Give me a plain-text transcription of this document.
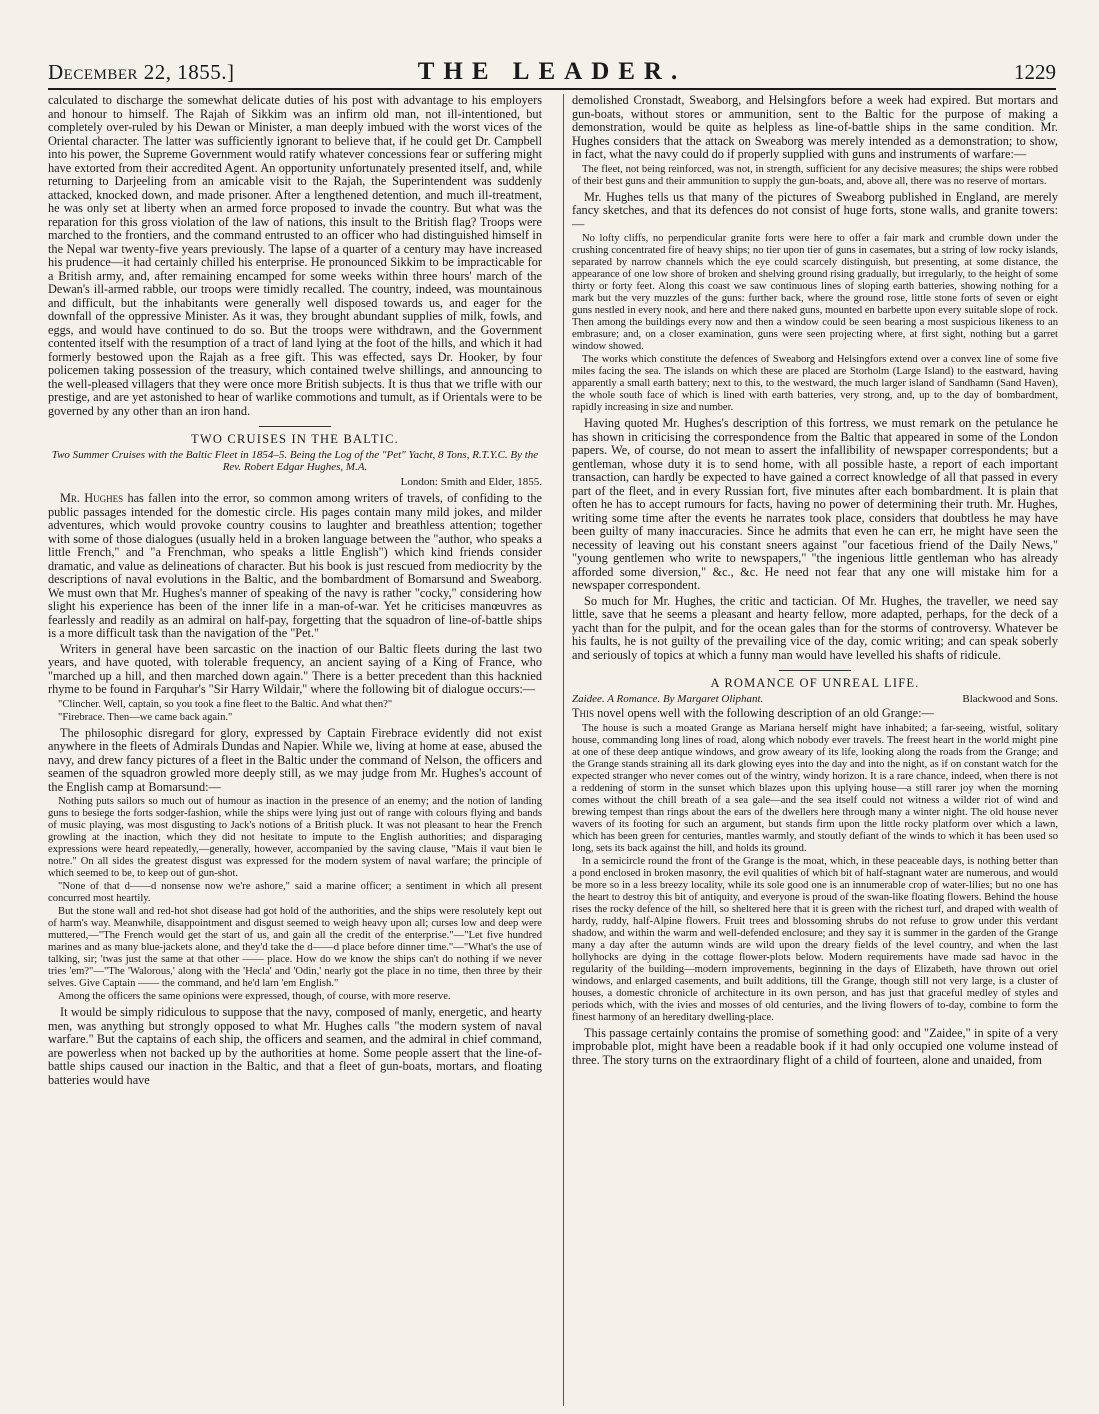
December 22, 1855.]	THE LEADER.	1229

calculated to discharge the somewhat delicate duties of his post with advantage to his employers and honour to himself. The Rajah of Sikkim was an infirm old man, not ill-intentioned, but completely over-ruled by his Dewan or Minister, a man deeply imbued with the worst vices of the Oriental character. The latter was sufficiently ignorant to believe that, if he could get Dr. Campbell into his power, the Supreme Government would ratify whatever concessions fear or suffering might have extorted from their accredited Agent. An opportunity unfortunately presented itself, and, while returning to Darjeeling from an amicable visit to the Rajah, the Superintendent was suddenly attacked, knocked down, and made prisoner. After a lengthened detention, and much ill-treatment, he was only set at liberty when an armed force proposed to invade the country. But what was the reparation for this gross violation of the law of nations, this insult to the British flag? Troops were marched to the frontiers, and the command entrusted to an officer who had distinguished himself in the Nepal war twenty-five years previously. The lapse of a quarter of a century may have increased his prudence—it had certainly chilled his enterprise. He pronounced Sikkim to be impracticable for a British army, and, after remaining encamped for some weeks within three hours' march of the Dewan's ill-armed rabble, our troops were timidly recalled. The country, indeed, was mountainous and difficult, but the inhabitants were generally well disposed towards us, and eager for the downfall of the oppressive Minister. As it was, they brought abundant supplies of milk, fowls, and eggs, and would have continued to do so. But the troops were withdrawn, and the Government contented itself with the resumption of a tract of land lying at the foot of the hills, and which it had formerly bestowed upon the Rajah as a free gift. This was effected, says Dr. Hooker, by four policemen taking possession of the treasury, which contained twelve shillings, and announcing to the well-pleased villagers that they were once more British subjects. It is thus that we trifle with our prestige, and are yet astonished to hear of warlike commotions and tumult, as if Orientals were to be governed by any other than an iron hand.

TWO CRUISES IN THE BALTIC.
Two Summer Cruises with the Baltic Fleet in 1854–5. Being the Log of the "Pet" Yacht, 8 Tons, R.T.Y.C. By the Rev. Robert Edgar Hughes, M.A.
London: Smith and Elder, 1855.

Mr. Hughes has fallen into the error, so common among writers of travels, of confiding to the public passages intended for the domestic circle. His pages contain many mild jokes, and milder adventures, which would provoke country cousins to laughter and breathless attention; together with some of those dialogues (usually held in a broken language between the "author, who speaks a little French," and "a Frenchman, who speaks a little English") which kind friends consider dramatic, and value as delineations of character. But his book is just rescued from mediocrity by the descriptions of naval evolutions in the Baltic, and the bombardment of Bomarsund and Sweaborg. We must own that Mr. Hughes's manner of speaking of the navy is rather "cocky," considering how slight his experience has been of the inner life in a man-of-war. Yet he criticises manœuvres as fearlessly and readily as an admiral on half-pay, forgetting that the squadron of line-of-battle ships is a more difficult task than the navigation of the "Pet."

Writers in general have been sarcastic on the inaction of our Baltic fleets during the last two years, and have quoted, with tolerable frequency, an ancient saying of a King of France, who "marched up a hill, and then marched down again." There is a better precedent than this hacknied rhyme to be found in Farquhar's "Sir Harry Wildair," where the following bit of dialogue occurs:—

"Clincher. Well, captain, so you took a fine fleet to the Baltic. And what then?"

"Firebrace. Then—we came back again."

The philosophic disregard for glory, expressed by Captain Firebrace evidently did not exist anywhere in the fleets of Admirals Dundas and Napier. While we, living at home at ease, abused the navy, and drew fancy pictures of a fleet in the Baltic under the command of Nelson, the officers and seamen of the squadron growled more deeply still, as we may judge from Mr. Hughes's account of the English camp at Bomarsund:—

Nothing puts sailors so much out of humour as inaction in the presence of an enemy; and the notion of landing guns to besiege the forts sodger-fashion, while the ships were lying just out of range with colours flying and bands of music playing, was most disgusting to Jack's notions of a British pluck. It was not pleasant to hear the French growling at the inaction, which they did not hesitate to impute to the English authorities; and disparaging expressions were heard repeatedly,—generally, however, accompanied by the saving clause, "Mais il vaut bien le notre." On all sides the greatest disgust was expressed for the modern system of naval warfare; the principle of which seemed to be, to keep out of gun-shot.

"None of that d——d nonsense now we're ashore," said a marine officer; a sentiment in which all present concurred most heartily.

But the stone wall and red-hot shot disease had got hold of the authorities, and the ships were resolutely kept out of harm's way. Meanwhile, disappointment and disgust seemed to weigh heavy upon all; curses low and deep were muttered,—"The French would get the start of us, and gain all the credit of the enterprise."—"Let five hundred marines and as many blue-jackets alone, and they'd take the d——d place before dinner time."—"What's the use of talking, sir; 'twas just the same at that other —— place. How do we know the ships can't do nothing if we never tries 'em?"—"The 'Walorous,' along with the 'Hecla' and 'Odin,' nearly got the place in no time, then three by their selves. Give Captain —— the command, and he'd larn 'em English."

Among the officers the same opinions were expressed, though, of course, with more reserve.

It would be simply ridiculous to suppose that the navy, composed of manly, energetic, and hearty men, was anything but strongly opposed to what Mr. Hughes calls "the modern system of naval warfare." But the captains of each ship, the officers and seamen, and the admiral in chief command, are powerless when not backed up by the authorities at home. Some people assert that the line-of-battle ships caused our inaction in the Baltic, and that a fleet of gun-boats, mortars, and floating batteries would have

demolished Cronstadt, Sweaborg, and Helsingfors before a week had expired. But mortars and gun-boats, without stores or ammunition, sent to the Baltic for the purpose of making a demonstration, would be quite as helpless as line-of-battle ships in the same condition. Mr. Hughes considers that the attack on Sweaborg was merely intended as a demonstration; to show, in fact, what the navy could do if properly supplied with guns and instruments of warfare:—

The fleet, not being reinforced, was not, in strength, sufficient for any decisive measures; the ships were robbed of their best guns and their ammunition to supply the gun-boats, and, above all, there was no reserve of mortars.

Mr. Hughes tells us that many of the pictures of Sweaborg published in England, are merely fancy sketches, and that its defences do not consist of huge forts, stone walls, and granite towers:—

No lofty cliffs, no perpendicular granite forts were here to offer a fair mark and crumble down under the crushing concentrated fire of heavy ships; no tier upon tier of guns in casemates, but a string of low rocky islands, separated by narrow channels which the eye could scarcely distinguish, but presenting, at some distance, the appearance of one low shore of broken and shelving ground rising gradually, but irregularly, to the height of some thirty or forty feet. Along this coast we saw continuous lines of sloping earth batteries, showing nothing for a mark but the very muzzles of the guns: further back, where the ground rose, little stone forts of seven or eight guns nestled in every nook, and here and there naked guns, mounted en barbette upon every suitable slope of rock. Then among the buildings every now and then a window could be seen bearing a most suspicious likeness to an embrasure; and, on a closer examination, guns were seen projecting where, at first sight, nothing but a garret window showed.

The works which constitute the defences of Sweaborg and Helsingfors extend over a convex line of some five miles facing the sea. The islands on which these are placed are Storholm (Large Island) to the eastward, having apparently a small earth battery; next to this, to the westward, the much larger island of Sandhamn (Sand Haven), the whole south face of which is lined with earth batteries, very strong, and, up to the day of bombardment, rapidly increasing in size and number.

Having quoted Mr. Hughes's description of this fortress, we must remark on the petulance he has shown in criticising the correspondence from the Baltic that appeared in some of the London papers. We, of course, do not mean to assert the infallibility of newspaper correspondents; but a gentleman, whose duty it is to send home, with all possible haste, a report of each important transaction, can hardly be expected to have gained a correct knowledge of all that passed in every part of the fleet, and in every Russian fort, five minutes after each bombardment. It is plain that often he has to accept rumours for facts, having no power of determining their truth. Mr. Hughes, writing some time after the events he narrates took place, considers that doubtless he may have been guilty of many inaccuracies. Since he admits that even he can err, he might have seen the necessity of leaving out his constant sneers against "our facetious friend of the Daily News," "young gentlemen who write to newspapers," "the ingenious little gentleman who has already afforded some diversion," &c., &c. He need not fear that any one will mistake him for a newspaper correspondent.

So much for Mr. Hughes, the critic and tactician. Of Mr. Hughes, the traveller, we need say little, save that he seems a pleasant and hearty fellow, more adapted, perhaps, for the deck of a yacht than for the pulpit, and for the ocean gales than for the storms of controversy. Whatever be his faults, he is not guilty of the prevailing vice of the day, comic writing; and can speak soberly and seriously of topics at which a funny man would have levelled his shafts of ridicule.

A ROMANCE OF UNREAL LIFE.
Zaidee. A Romance. By Margaret Oliphant.	Blackwood and Sons.

This novel opens well with the following description of an old Grange:—

The house is such a moated Grange as Mariana herself might have inhabited; a far-seeing, wistful, solitary house, commanding long lines of road, along which nobody ever travels. The freest heart in the world might pine at one of these deep antique windows, and grow aweary of its life, looking along the roads from the Grange; and the Grange stands straining all its dark glowing eyes into the day and into the night, as if on constant watch for the expected stranger who never comes out of the wintry, windy horizon. It is a rare chance, indeed, when there is not a reddening of storm in the sunset which blazes upon this uplying house—a still rarer joy when the morning comes without the chill breath of a sea gale—and the sea itself could not witness a wilder riot of wind and brewing tempest than rings about the ears of the dwellers here through many a winter night. The old house never wavers of its footing for such an argument, but stands firm upon the little rocky platform over which a lawn, which has been green for centuries, mantles warmly, and stoutly defiant of the winds to which it has been used so long, sets its back against the hill, and holds its ground.

In a semicircle round the front of the Grange is the moat, which, in these peaceable days, is nothing better than a pond enclosed in broken masonry, the evil qualities of which bit of half-stagnant water are numerous, and would be more so in a less breezy locality, while its sole good one is an innumerable crop of water-lilies; but no one has the heart to destroy this bit of antiquity, and everyone is proud of the swan-like floating flowers. Behind the house rises the rocky defence of the hill, so sheltered here that it is green with the richest turf, and draped with wealth of hardy, ruddy, half-Alpine flowers. Fruit trees and blossoming shrubs do not refuse to grow under this verdant shadow, and within the warm and well-defended enclosure; and they say it is summer in the garden of the Grange many a day after the autumn winds are wild upon the dreary fields of the level country, and when the last hollyhocks are dying in the cottage flower-plots below. Modern requirements have made sad havoc in the regularity of the building—modern improvements, beginning in the days of Elizabeth, have thrown out oriel windows, and enlarged casements, and built additions, till the Grange, though still not very large, is a cluster of houses, a domestic chronicle of architecture in its own person, and has just that graceful medley of styles and periods which, with the ivies and mosses of old centuries, and the living flowers of to-day, combine to form the finest harmony of an hereditary dwelling-place.

This passage certainly contains the promise of something good: and "Zaidee," in spite of a very improbable plot, might have been a readable book if it had only occupied one volume instead of three. The story turns on the extraordinary flight of a child of fourteen, alone and unaided, from
